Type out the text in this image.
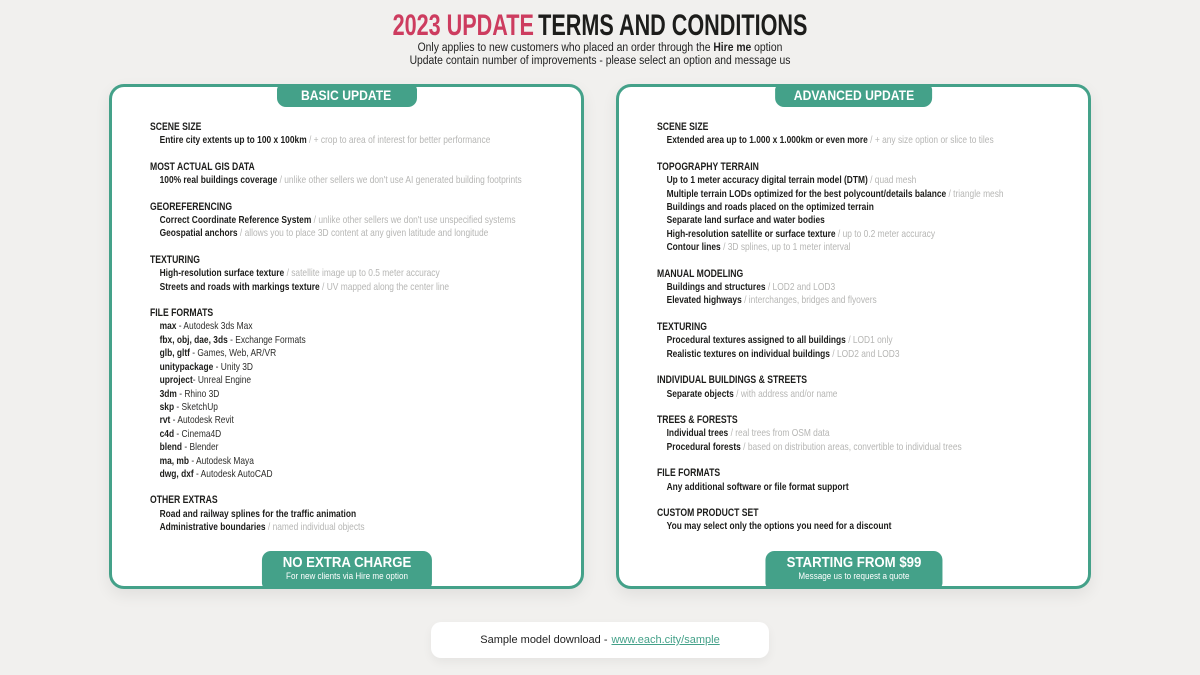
2023 UPDATE TERMS AND CONDITIONS

Only applies to new customers who placed an order through the Hire me option

Update contain number of improvements - please select an option and message us

BASIC UPDATE
SCENE SIZE

Entire city extents up to 100 x 100km / + crop to area of interest for better performance

MOST ACTUAL GIS DATA

100% real buildings coverage / unlike other sellers we don't use AI generated building footprints

GEOREFERENCING

Correct Coordinate Reference System / unlike other sellers we don't use unspecified systems

Geospatial anchors / allows you to place 3D content at any given latitude and longitude

TEXTURING

High-resolution surface texture / satellite image up to 0.5 meter accuracy

Streets and roads with markings texture / UV mapped along the center line

FILE FORMATS

max - Autodesk 3ds Max

fbx, obj, dae, 3ds - Exchange Formats

glb, gltf - Games, Web, AR/VR

unitypackage - Unity 3D

uproject- Unreal Engine

3dm - Rhino 3D

skp - SketchUp

rvt - Autodesk Revit

c4d - Cinema4D

blend - Blender

ma, mb - Autodesk Maya

dwg, dxf - Autodesk AutoCAD

OTHER EXTRAS

Road and railway splines for the traffic animation

Administrative boundaries / named individual objects

NO EXTRA CHARGE
For new clients via Hire me option
ADVANCED UPDATE
SCENE SIZE

Extended area up to 1.000 x 1.000km or even more / + any size option or slice to tiles

TOPOGRAPHY TERRAIN

Up to 1 meter accuracy digital terrain model (DTM) / quad mesh

Multiple terrain LODs optimized for the best polycount/details balance / triangle mesh

Buildings and roads placed on the optimized terrain

Separate land surface and water bodies

High-resolution satellite or surface texture / up to 0.2 meter accuracy

Contour lines / 3D splines, up to 1 meter interval

MANUAL MODELING

Buildings and structures / LOD2 and LOD3

Elevated highways / interchanges, bridges and flyovers

TEXTURING

Procedural textures assigned to all buildings / LOD1 only

Realistic textures on individual buildings / LOD2 and LOD3

INDIVIDUAL BUILDINGS & STREETS

Separate objects / with address and/or name

TREES & FORESTS

Individual trees / real trees from OSM data

Procedural forests / based on distribution areas, convertible to individual trees

FILE FORMATS

Any additional software or file format support

CUSTOM PRODUCT SET

You may select only the options you need for a discount

STARTING FROM $99
Message us to request a quote
Sample model download - www.each.city/sample
